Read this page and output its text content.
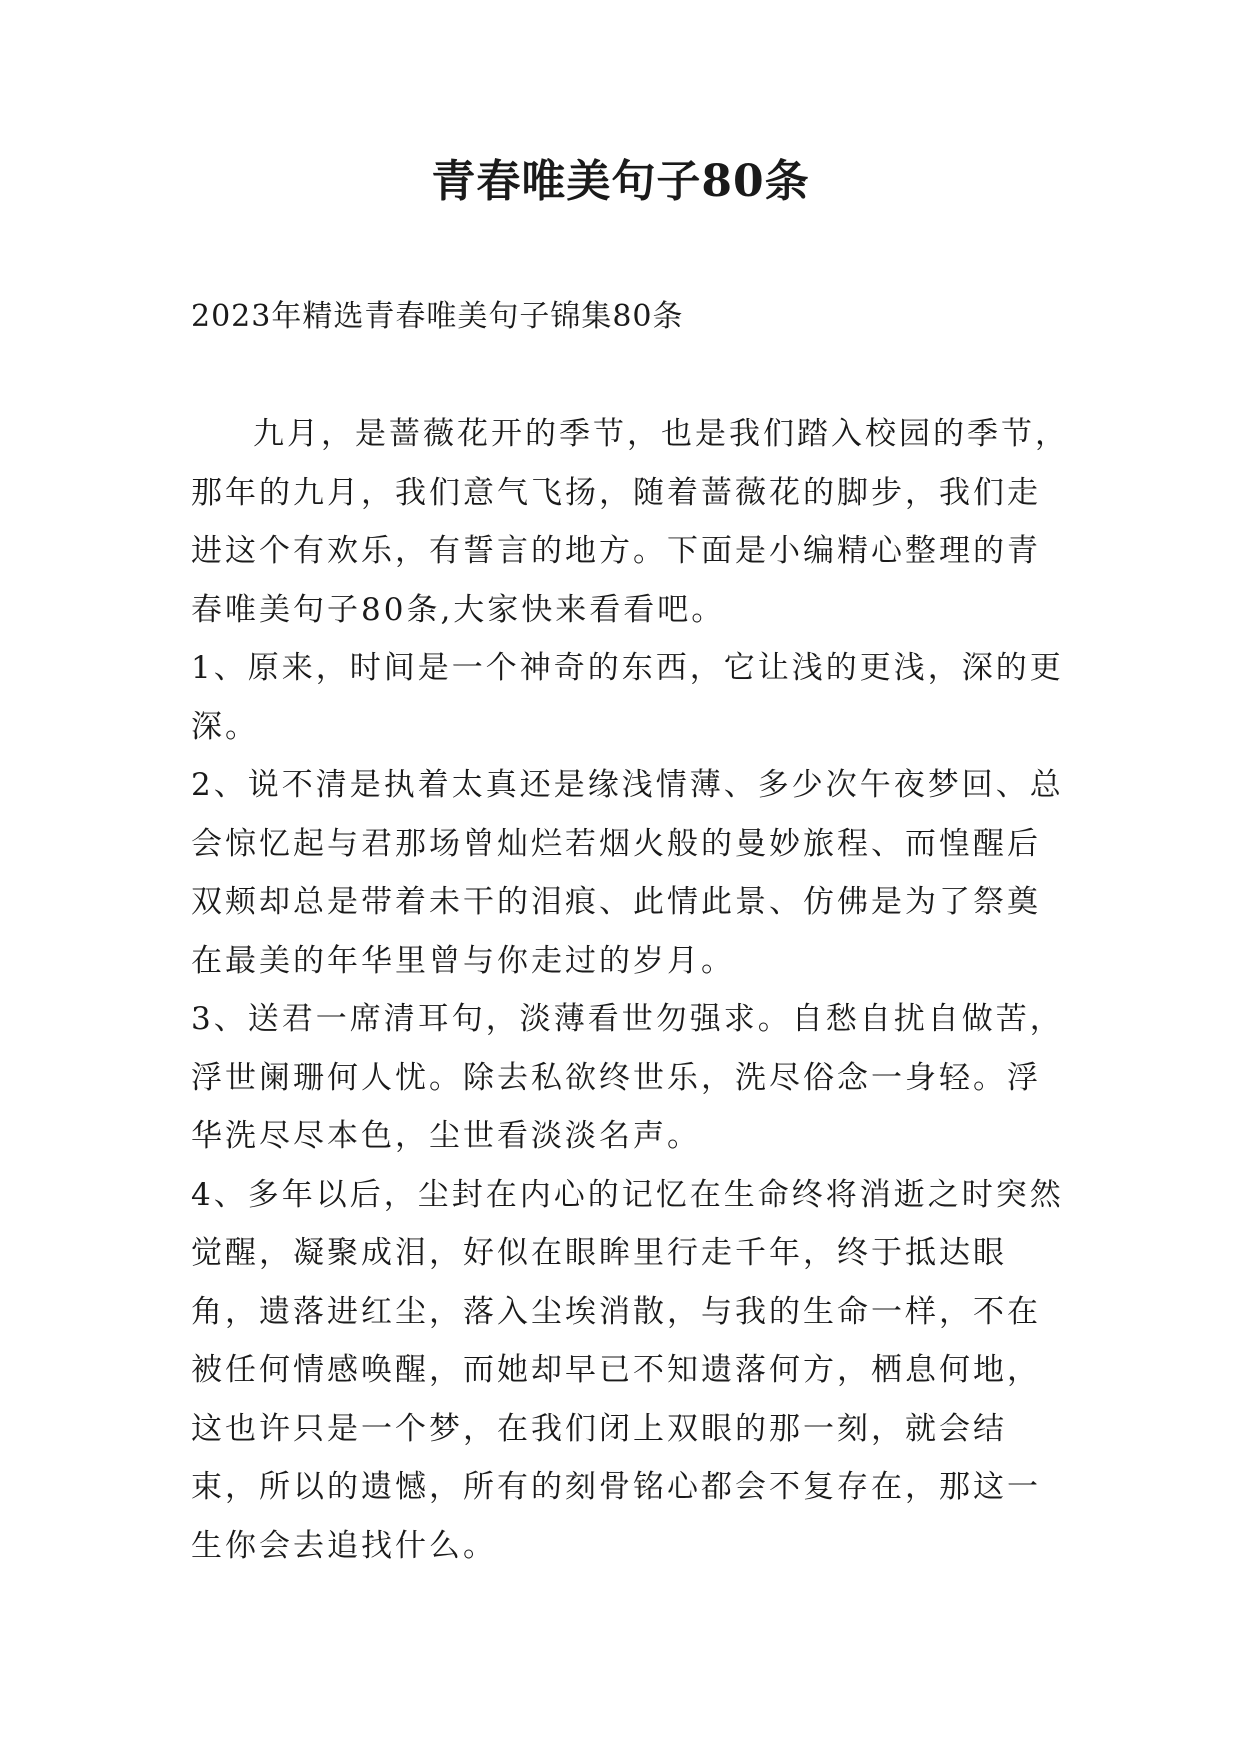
青春唯美句子80条
2023年精选青春唯美句子锦集80条

九月，是蔷薇花开的季节，也是我们踏入校园的季节，那年的九月，我们意气飞扬，随着蔷薇花的脚步，我们走进这个有欢乐，有誓言的地方。下面是小编精心整理的青春唯美句子80条,大家快来看看吧。

1、原来，时间是一个神奇的东西，它让浅的更浅，深的更深。

2、说不清是执着太真还是缘浅情薄、多少次午夜梦回、总会惊忆起与君那场曾灿烂若烟火般的曼妙旅程、而惶醒后双颊却总是带着未干的泪痕、此情此景、仿佛是为了祭奠在最美的年华里曾与你走过的岁月。

3、送君一席清耳句，淡薄看世勿强求。自愁自扰自做苦，浮世阑珊何人忧。除去私欲终世乐，洗尽俗念一身轻。浮华洗尽尽本色，尘世看淡淡名声。

4、多年以后，尘封在内心的记忆在生命终将消逝之时突然觉醒，凝聚成泪，好似在眼眸里行走千年，终于抵达眼角，遗落进红尘，落入尘埃消散，与我的生命一样，不在被任何情感唤醒，而她却早已不知遗落何方，栖息何地，这也许只是一个梦，在我们闭上双眼的那一刻，就会结束，所以的遗憾，所有的刻骨铭心都会不复存在，那这一生你会去追找什么。
